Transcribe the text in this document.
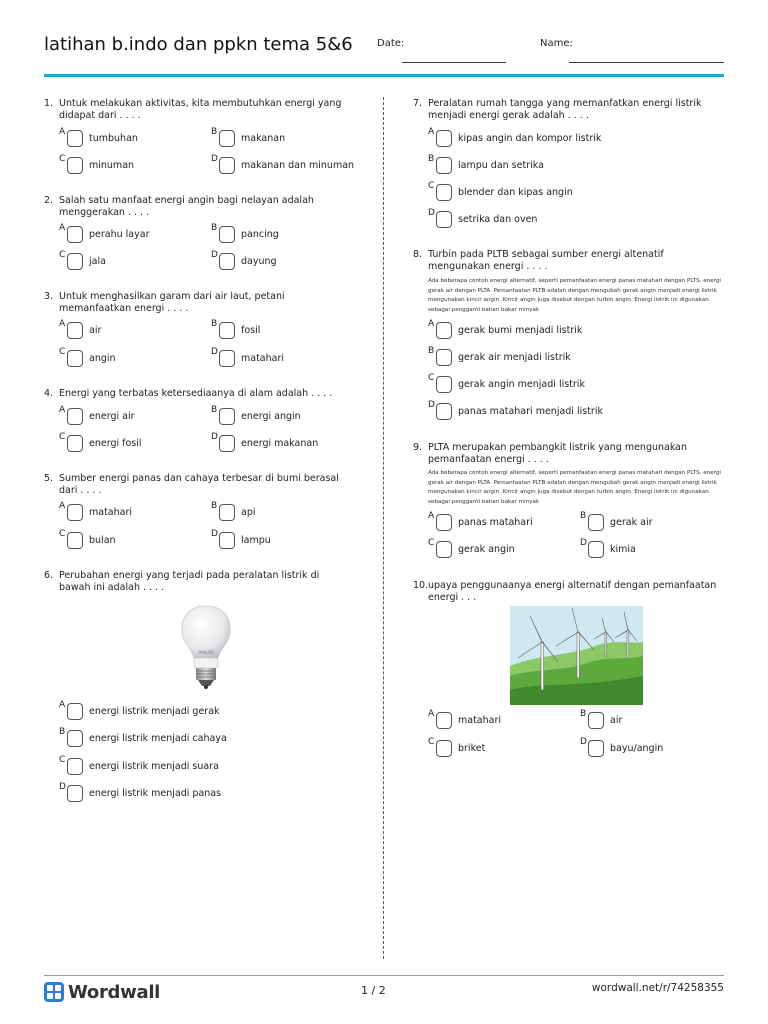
latihan b.indo dan ppkn tema 5&6 Date:	Name:
1. Untuk melakukan aktivitas, kita membutuhkan energi yang didapat dari . . . .
A
tumbuhan
B
makanan
C
minuman
D
makanan dan minuman
2. Salah satu manfaat energi angin bagi nelayan adalah menggerakan . . . .
A
perahu layar
B
pancing
C
jala
D
dayung
3. Untuk menghasilkan garam dari air laut, petani memanfaatkan energi . . . .
A
air
B
fosil
C
angin
D
matahari
4. Energi yang terbatas ketersediaanya di alam adalah . . . .
A
energi air
B
energi angin
C
energi fosil
D
energi makanan
5. Sumber energi panas dan cahaya terbesar di bumi berasal dari . . . .
A
matahari
B
api
C
bulan
D
lampu
6. Perubahan energi yang terjadi pada peralatan listrik di bawah ini adalah . . . .
PHILIPS
A
energi listrik menjadi gerak
B
energi listrik menjadi cahaya
C
energi listrik menjadi suara
D
energi listrik menjadi panas
7. Peralatan rumah tangga yang memanfatkan energi listrik menjadi energi gerak adalah . . . .
A
kipas angin dan kompor listrik
B
lampu dan setrika
C
blender dan kipas angin
D
setrika dan oven
8. Turbin pada PLTB sebagai sumber energi altenatif mengunakan energi . . . .
Ada beberapa contoh energi alternatif, seperti pemanfaatan energi panas matahari dengan PLTS, energi gerak air dengan PLTA. Pemanfaatan PLTB adalah dengan mengubah gerak angin menjadi energi listrik mengunakan kincir angin. Kincir angin juga disebut dengan turbin angin. Energi listrik ini digunakan sebagai pengganti bahan bakar minyak
A
gerak bumi menjadi listrik
B
gerak air menjadi listrik
C
gerak angin menjadi listrik
D
panas matahari menjadi listrik
9. PLTA merupakan pembangkit listrik yang mengunakan pemanfaatan energi . . . .
Ada beberapa contoh energi alternatif, seperti pemanfaatan energi panas matahari dengan PLTS, energi gerak air dengan PLTA. Pemanfaatan PLTB adalah dengan mengubah gerak angin menjadi energi listrik mengunakan kincir angin. Kincir angin juga disebut dengan turbin angin. Energi listrik ini digunakan sebagai pengganti bahan bakar minyak
A
panas matahari
B
gerak air
C
gerak angin
D
kimia
10. upaya penggunaanya energi alternatif dengan pemanfaatan energi . . .
A
matahari
B
air
C
briket
D
bayu/angin
Wordwall	1 / 2	wordwall.net/r/74258355
